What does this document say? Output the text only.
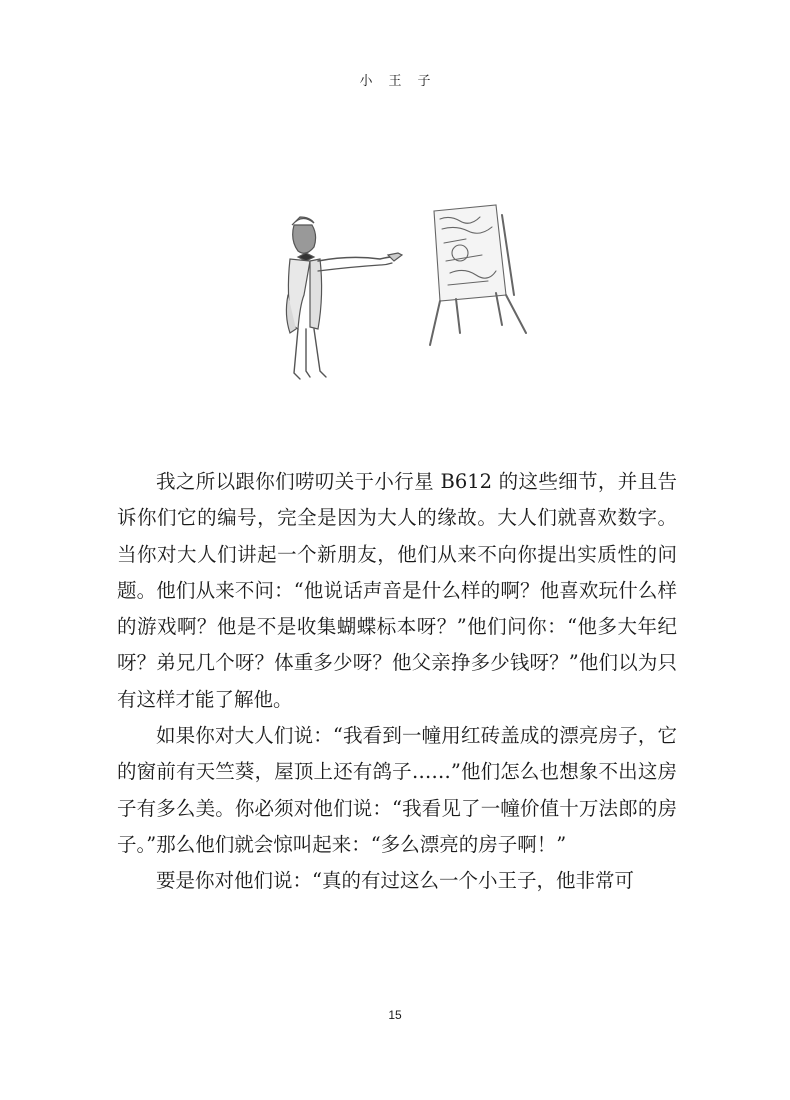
小王子

我之所以跟你们唠叨关于小行星 B612 的这些细节，并且告诉你们它的编号，完全是因为大人的缘故。大人们就喜欢数字。当你对大人们讲起一个新朋友，他们从来不向你提出实质性的问题。他们从来不问：“他说话声音是什么样的啊？他喜欢玩什么样的游戏啊？他是不是收集蝴蝶标本呀？”他们问你：“他多大年纪呀？弟兄几个呀？体重多少呀？他父亲挣多少钱呀？”他们以为只有这样才能了解他。

如果你对大人们说：“我看到一幢用红砖盖成的漂亮房子，它的窗前有天竺葵，屋顶上还有鸽子……”他们怎么也想象不出这房子有多么美。你必须对他们说：“我看见了一幢价值十万法郎的房子。”那么他们就会惊叫起来：“多么漂亮的房子啊！”

要是你对他们说：“真的有过这么一个小王子，他非常可

15
